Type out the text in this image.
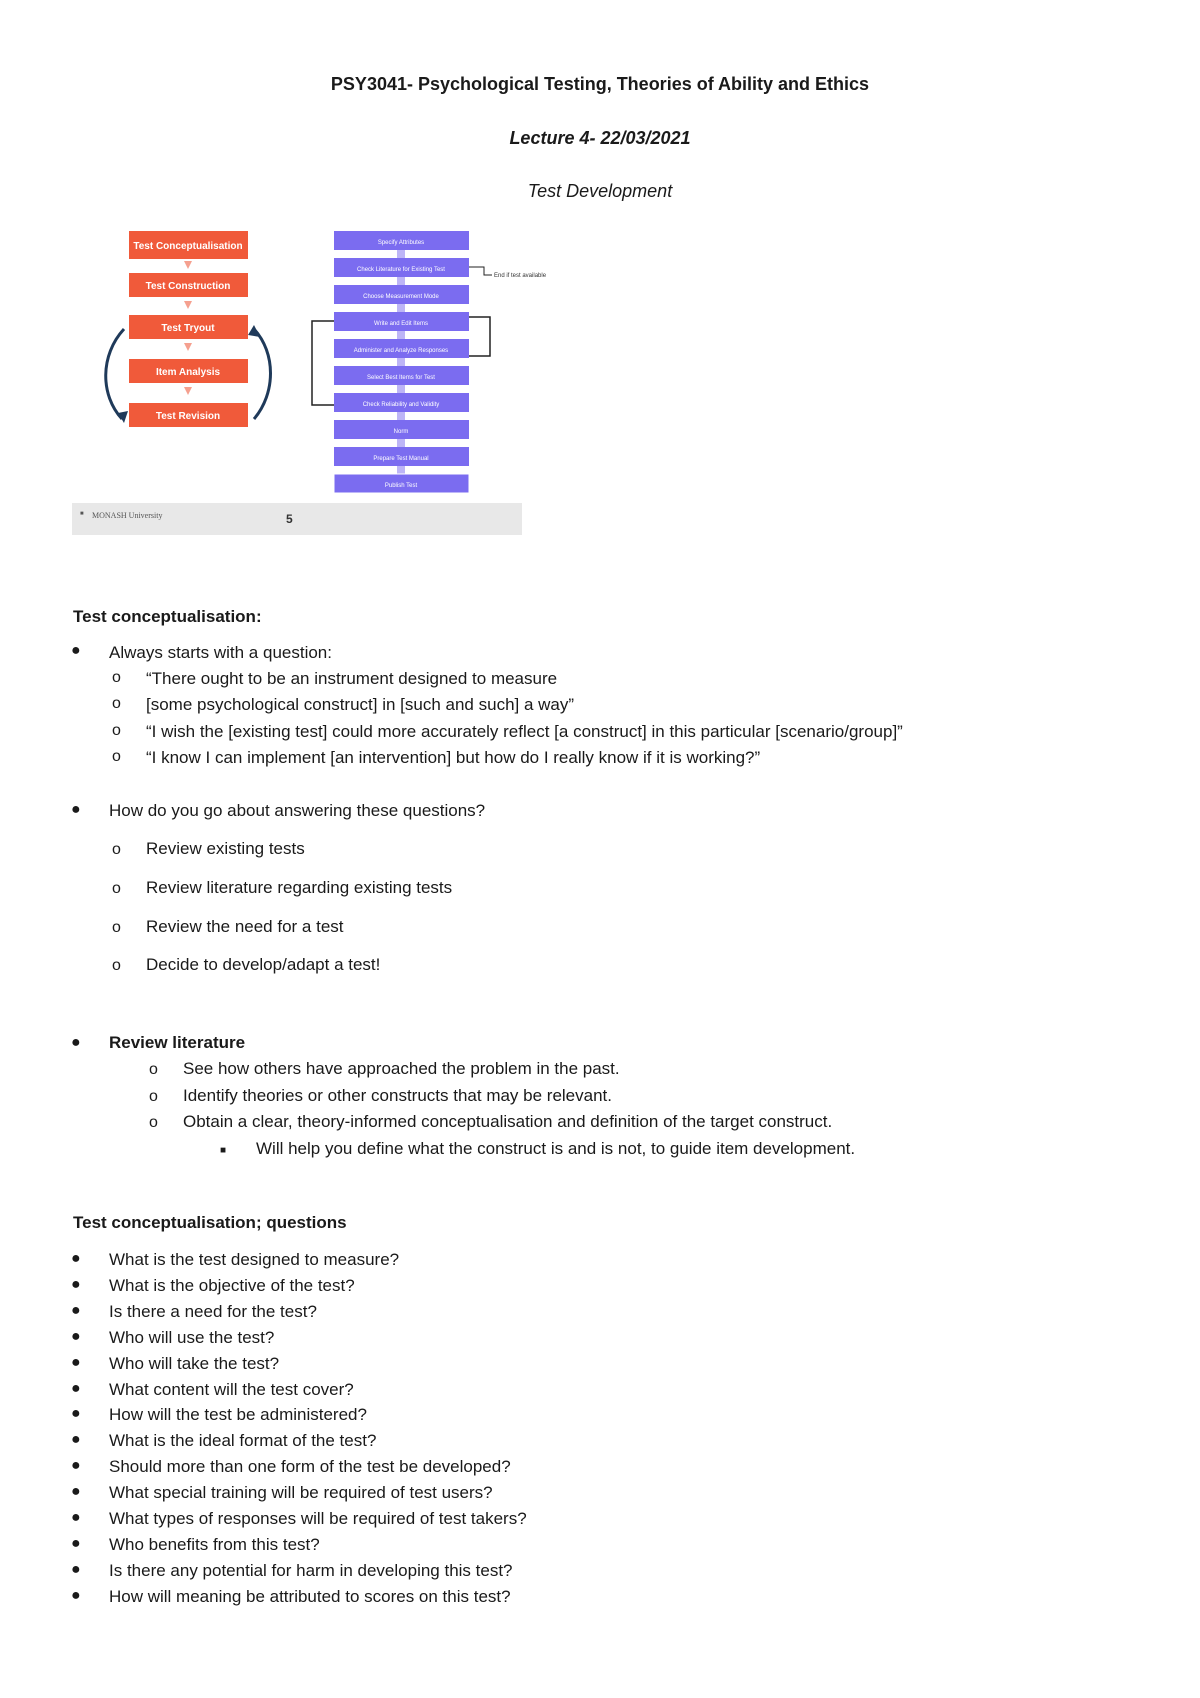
PSY3041- Psychological Testing, Theories of Ability and Ethics
Lecture 4- 22/03/2021
Test Development
■ MONASH University	5
Test Conceptualisation
Test Construction
Test Tryout
Item Analysis
Test Revision
Specify Attributes
Check Literature for Existing Test
Choose Measurement Mode
Write and Edit Items
Administer and Analyze Responses
Select Best Items for Test
Check Reliability and Validity
Norm
Prepare Test Manual
Publish Test
End if test available
Test conceptualisation:
● Always starts with a question:
o “There ought to be an instrument designed to measure
o [some psychological construct] in [such and such] a way”
o “I wish the [existing test] could more accurately reflect [a construct] in this particular [scenario/group]”
o “I know I can implement [an intervention] but how do I really know if it is working?”
● How do you go about answering these questions?
o Review existing tests
o Review literature regarding existing tests
o Review the need for a test
o Decide to develop/adapt a test!
● Review literature
o See how others have approached the problem in the past.
o Identify theories or other constructs that may be relevant.
o Obtain a clear, theory-informed conceptualisation and definition of the target construct.
■ Will help you define what the construct is and is not, to guide item development.
Test conceptualisation; questions
● What is the test designed to measure?
● What is the objective of the test?
● Is there a need for the test?
● Who will use the test?
● Who will take the test?
● What content will the test cover?
● How will the test be administered?
● What is the ideal format of the test?
● Should more than one form of the test be developed?
● What special training will be required of test users?
● What types of responses will be required of test takers?
● Who benefits from this test?
● Is there any potential for harm in developing this test?
● How will meaning be attributed to scores on this test?
